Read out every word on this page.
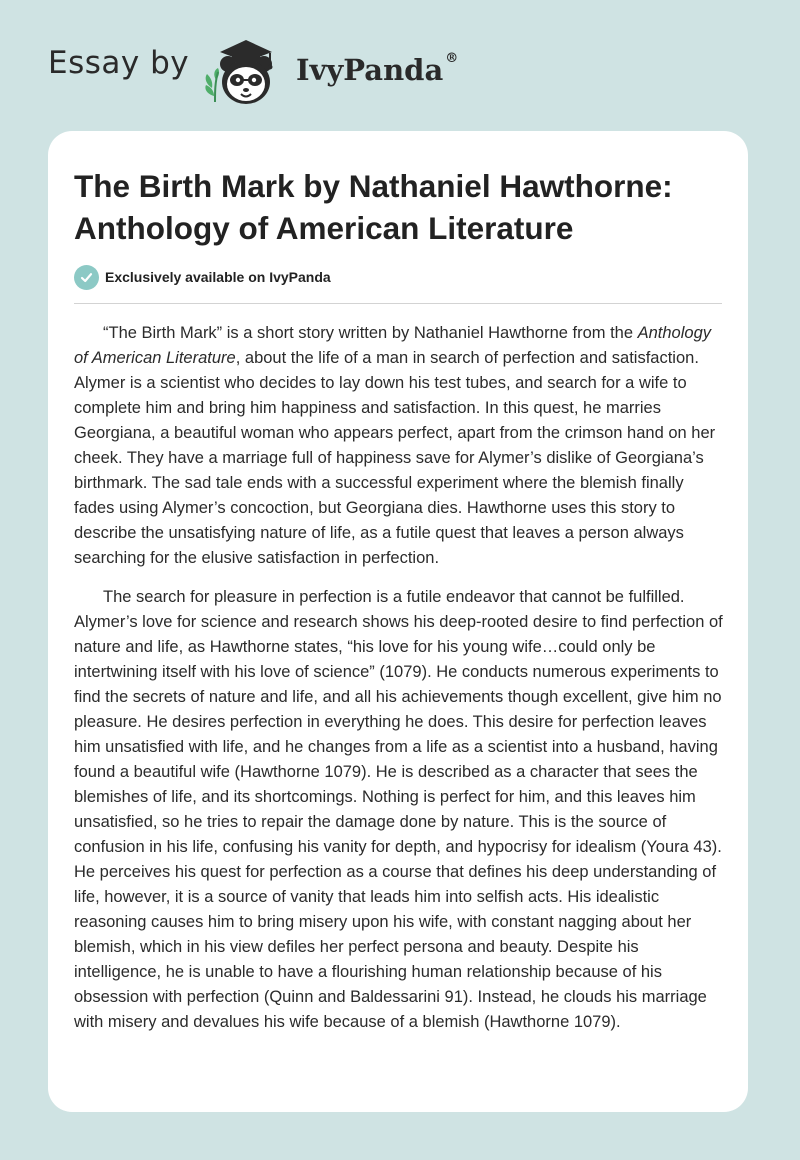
Essay by	IvyPanda ®
The Birth Mark by Nathaniel Hawthorne: Anthology of American Literature
Exclusively available on IvyPanda

“The Birth Mark” is a short story written by Nathaniel Hawthorne from the Anthology of American Literature, about the life of a man in search of perfection and satisfaction. Alymer is a scientist who decides to lay down his test tubes, and search for a wife to complete him and bring him happiness and satisfaction. In this quest, he marries Georgiana, a beautiful woman who appears perfect, apart from the crimson hand on her cheek. They have a marriage full of happiness save for Alymer’s dislike of Georgiana’s birthmark. The sad tale ends with a successful experiment where the blemish finally fades using Alymer’s concoction, but Georgiana dies. Hawthorne uses this story to describe the unsatisfying nature of life, as a futile quest that leaves a person always searching for the elusive satisfaction in perfection.

The search for pleasure in perfection is a futile endeavor that cannot be fulfilled. Alymer’s love for science and research shows his deep-rooted desire to find perfection of nature and life, as Hawthorne states, “his love for his young wife…could only be intertwining itself with his love of science” (1079). He conducts numerous experiments to find the secrets of nature and life, and all his achievements though excellent, give him no pleasure. He desires perfection in everything he does. This desire for perfection leaves him unsatisfied with life, and he changes from a life as a scientist into a husband, having found a beautiful wife (Hawthorne 1079). He is described as a character that sees the blemishes of life, and its shortcomings. Nothing is perfect for him, and this leaves him unsatisfied, so he tries to repair the damage done by nature. This is the source of confusion in his life, confusing his vanity for depth, and hypocrisy for idealism (Youra 43). He perceives his quest for perfection as a course that defines his deep understanding of life, however, it is a source of vanity that leads him into selfish acts. His idealistic reasoning causes him to bring misery upon his wife, with constant nagging about her blemish, which in his view defiles her perfect persona and beauty. Despite his intelligence, he is unable to have a flourishing human relationship because of his obsession with perfection (Quinn and Baldessarini 91). Instead, he clouds his marriage with misery and devalues his wife because of a blemish (Hawthorne 1079).
